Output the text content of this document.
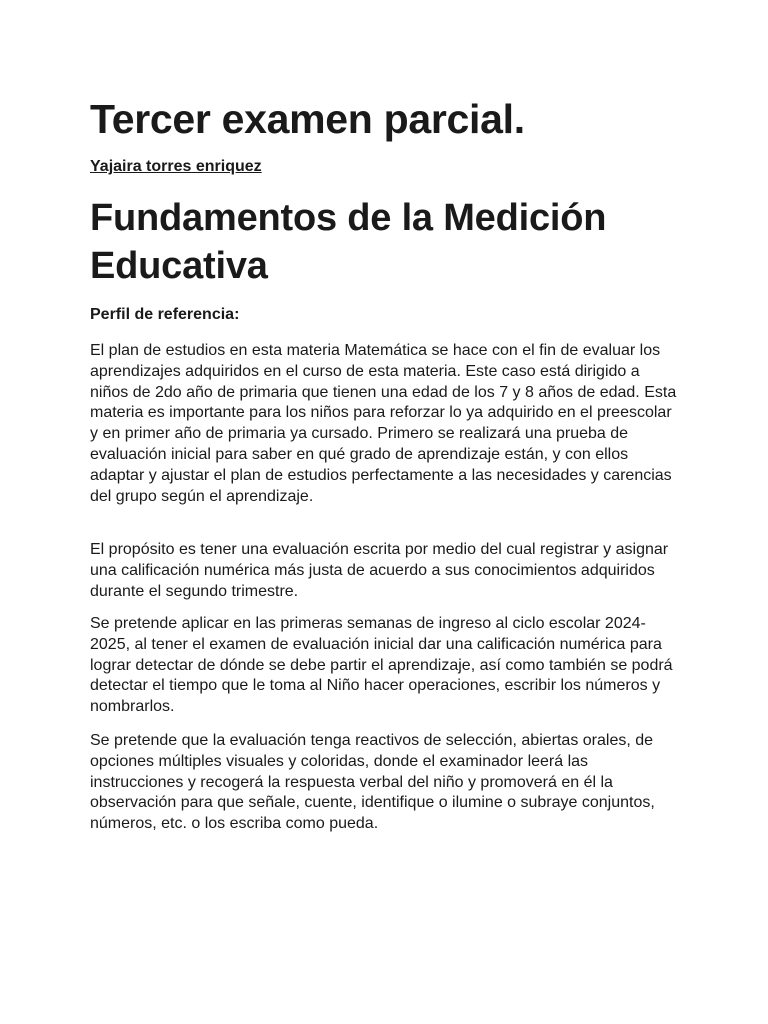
Tercer examen parcial.

Yajaira torres enriquez

Fundamentos de la Medición Educativa

Perfil de referencia:

El plan de estudios en esta materia Matemática se hace con el fin de evaluar los aprendizajes adquiridos en el curso de esta materia. Este caso está dirigido a niños de 2do año de primaria que tienen una edad de los 7 y 8 años de edad. Esta materia es importante para los niños para reforzar lo ya adquirido en el preescolar y en primer año de primaria ya cursado. Primero se realizará una prueba de evaluación inicial para saber en qué grado de aprendizaje están, y con ellos adaptar y ajustar el plan de estudios perfectamente a las necesidades y carencias del grupo según el aprendizaje.

El propósito es tener una evaluación escrita por medio del cual registrar y asignar una calificación numérica más justa de acuerdo a sus conocimientos adquiridos durante el segundo trimestre.

Se pretende aplicar en las primeras semanas de ingreso al ciclo escolar 2024-2025, al tener el examen de evaluación inicial dar una calificación numérica para lograr detectar de dónde se debe partir el aprendizaje, así como también se podrá detectar el tiempo que le toma al Niño hacer operaciones, escribir los números y nombrarlos.

Se pretende que la evaluación tenga reactivos de selección, abiertas orales, de opciones múltiples visuales y coloridas, donde el examinador leerá las instrucciones y recogerá la respuesta verbal del niño y promoverá en él la observación para que señale, cuente, identifique o ilumine o subraye conjuntos, números, etc. o los escriba como pueda.
